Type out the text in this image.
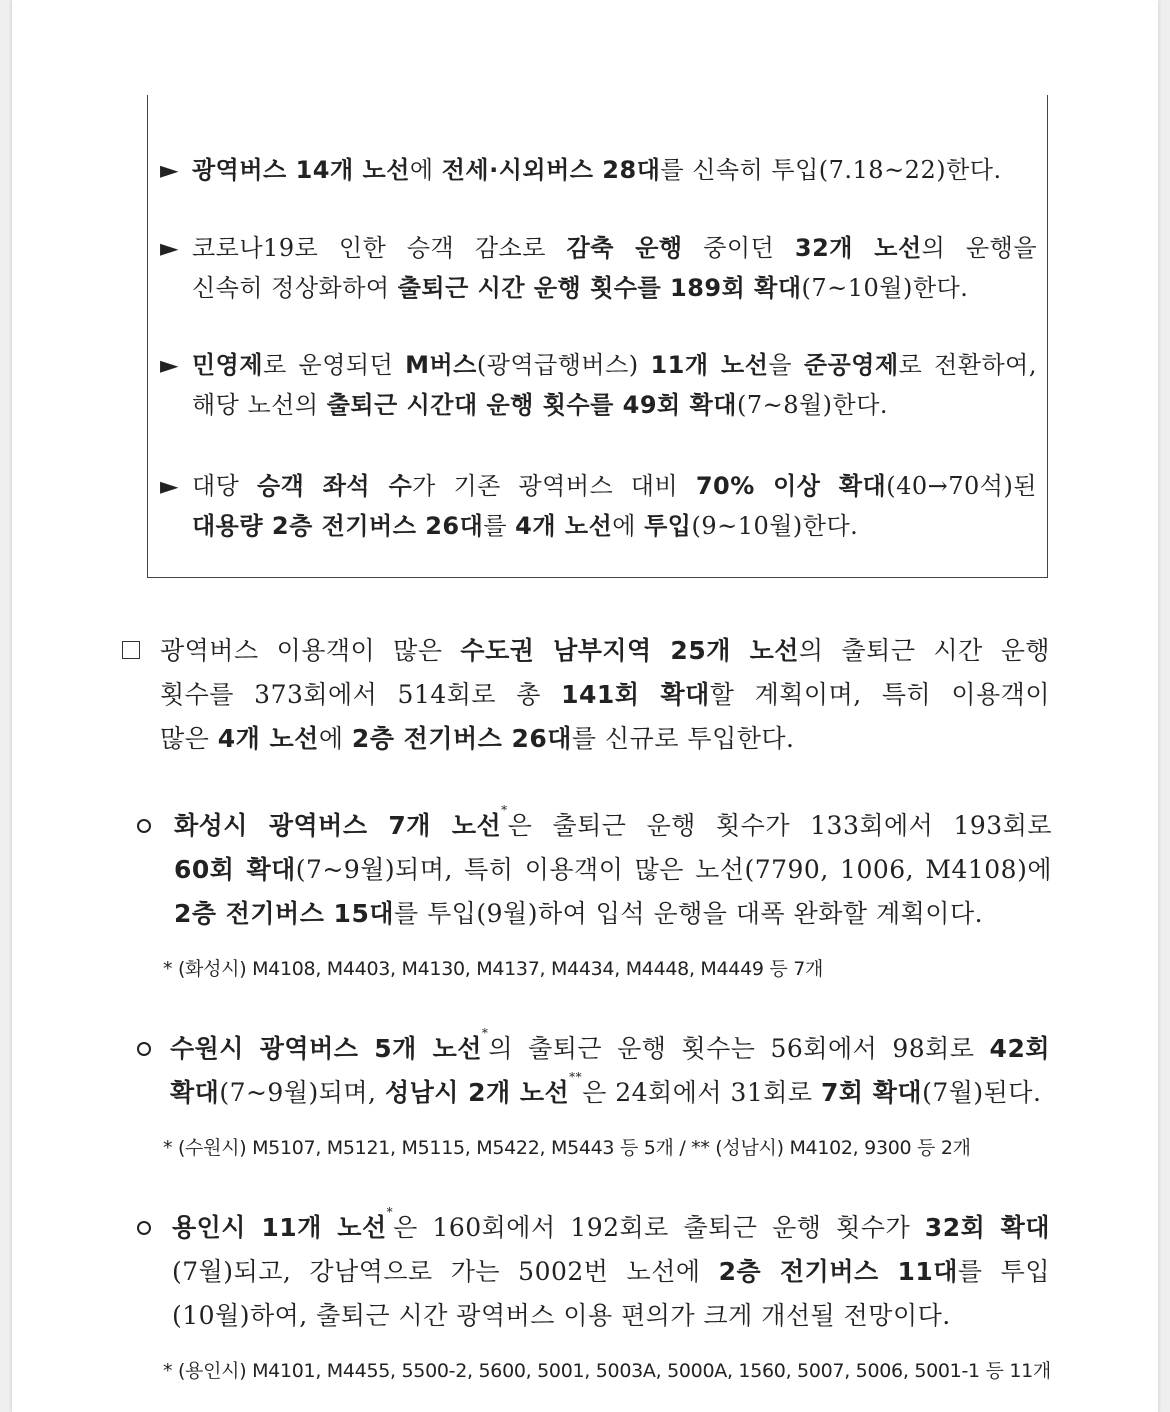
► 광역버스 14개 노선에 전세·시외버스 28대를 신속히 투입(7.18~22)한다.
► 코로나19로 인한 승객 감소로 감축 운행 중이던 32개 노선의 운행을
신속히 정상화하여 출퇴근 시간 운행 횟수를 189회 확대(7~10월)한다.
► 민영제로 운영되던 M버스(광역급행버스) 11개 노선을 준공영제로 전환하여,
해당 노선의 출퇴근 시간대 운행 횟수를 49회 확대(7~8월)한다.
► 대당 승객 좌석 수가 기존 광역버스 대비 70% 이상 확대(40→70석)된
대용량 2층 전기버스 26대를 4개 노선에 투입(9~10월)한다.
광역버스 이용객이 많은 수도권 남부지역 25개 노선의 출퇴근 시간 운행
횟수를 373회에서 514회로 총 141회 확대할 계획이며, 특히 이용객이
많은 4개 노선에 2층 전기버스 26대를 신규로 투입한다.
화성시 광역버스 7개 노선*은 출퇴근 운행 횟수가 133회에서 193회로
60회 확대(7~9월)되며, 특히 이용객이 많은 노선(7790, 1006, M4108)에
2층 전기버스 15대를 투입(9월)하여 입석 운행을 대폭 완화할 계획이다.
* (화성시) M4108, M4403, M4130, M4137, M4434, M4448, M4449 등 7개
수원시 광역버스 5개 노선*의 출퇴근 운행 횟수는 56회에서 98회로 42회
확대(7~9월)되며, 성남시 2개 노선**은 24회에서 31회로 7회 확대(7월)된다.
* (수원시) M5107, M5121, M5115, M5422, M5443 등 5개 / ** (성남시) M4102, 9300 등 2개
용인시 11개 노선*은 160회에서 192회로 출퇴근 운행 횟수가 32회 확대
(7월)되고, 강남역으로 가는 5002번 노선에 2층 전기버스 11대를 투입
(10월)하여, 출퇴근 시간 광역버스 이용 편의가 크게 개선될 전망이다.
* (용인시) M4101, M4455, 5500-2, 5600, 5001, 5003A, 5000A, 1560, 5007, 5006, 5001-1 등 11개
